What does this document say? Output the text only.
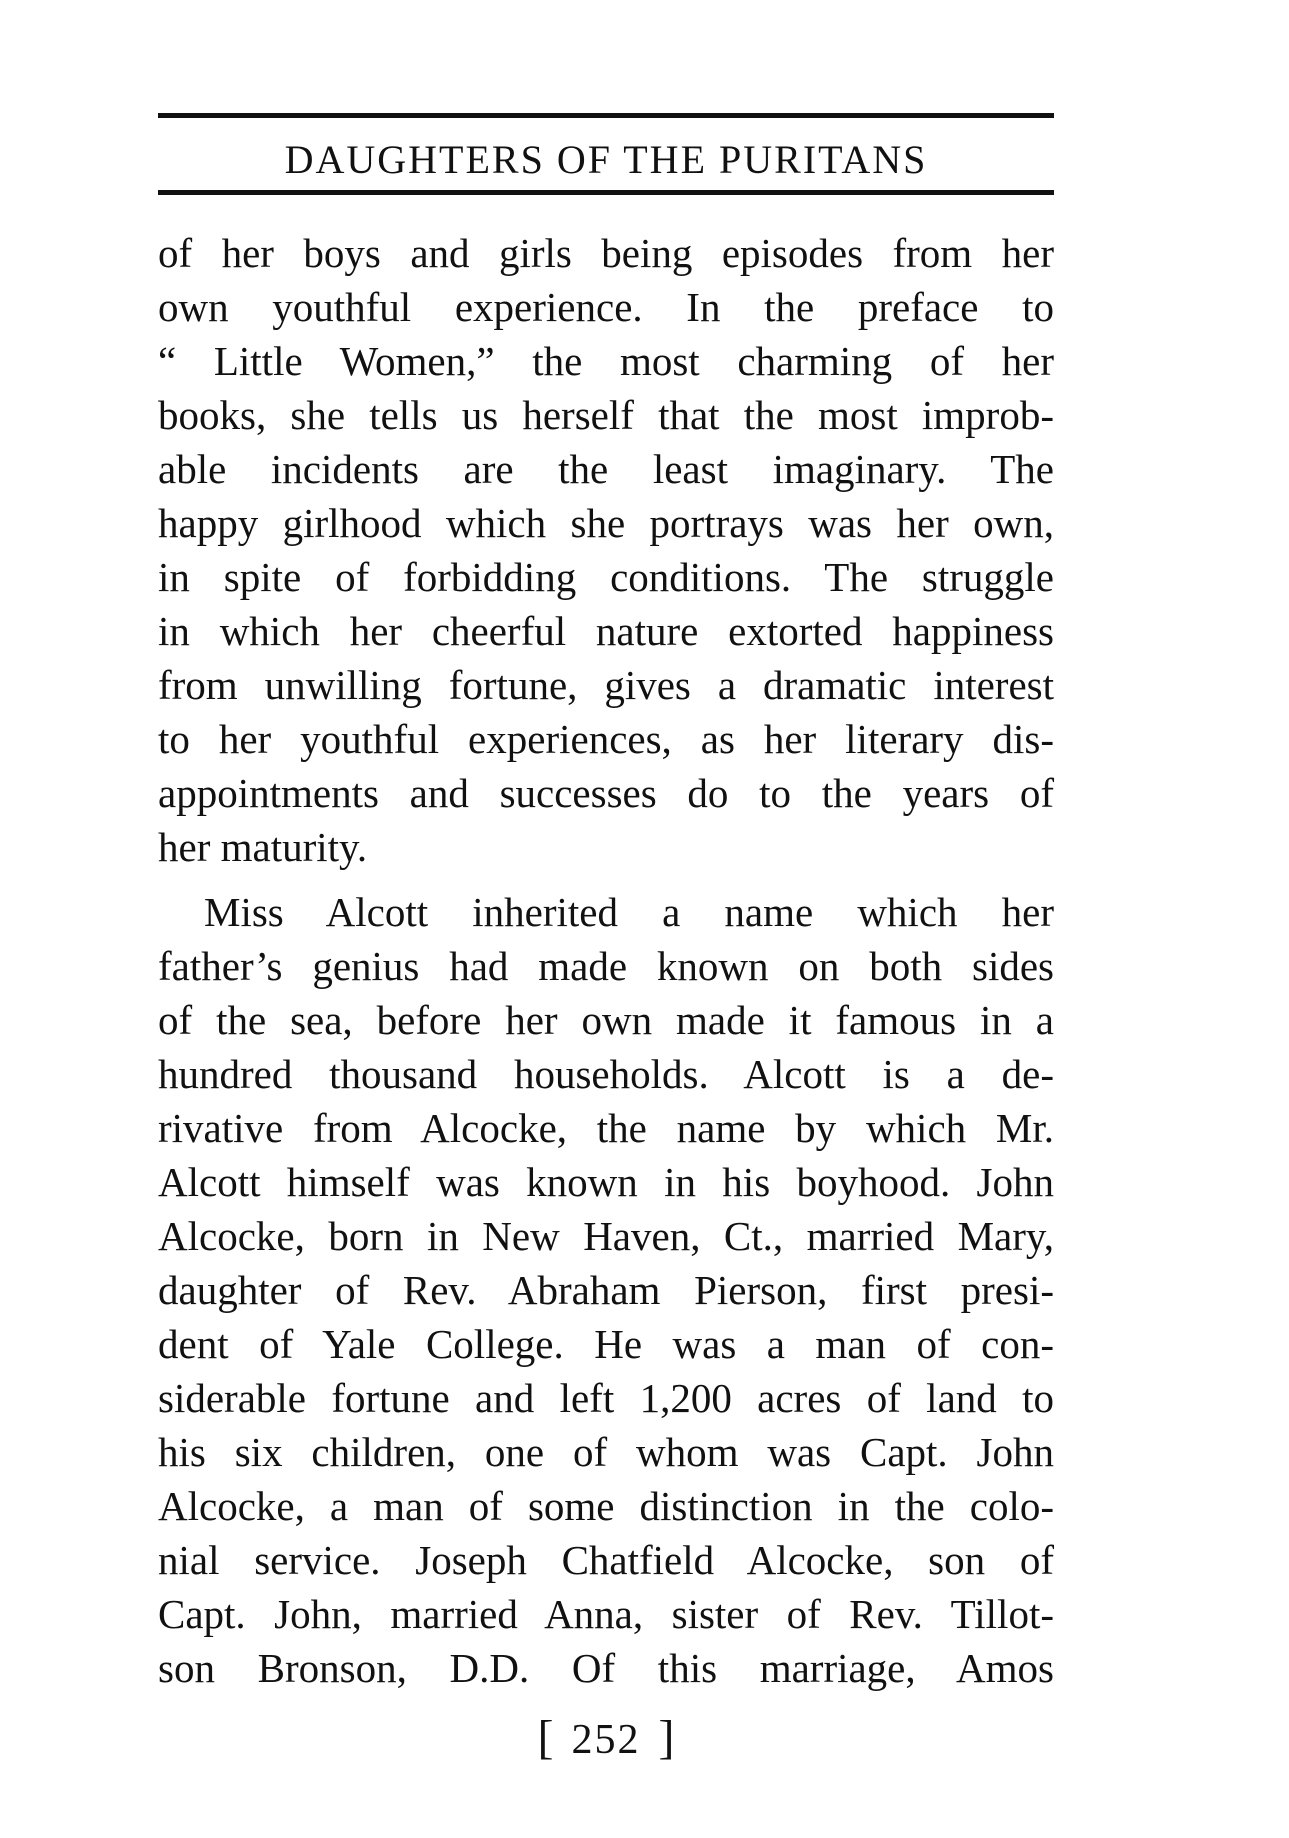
DAUGHTERS OF THE PURITANS
of her boys and girls being episodes from her
own youthful experience. In the preface to
“ Little Women,” the most charming of her
books, she tells us herself that the most improb-
able incidents are the least imaginary. The
happy girlhood which she portrays was her own,
in spite of forbidding conditions. The struggle
in which her cheerful nature extorted happiness
from unwilling fortune, gives a dramatic interest
to her youthful experiences, as her literary dis-
appointments and successes do to the years of
her maturity.
Miss Alcott inherited a name which her
father’s genius had made known on both sides
of the sea, before her own made it famous in a
hundred thousand households. Alcott is a de-
rivative from Alcocke, the name by which Mr.
Alcott himself was known in his boyhood. John
Alcocke, born in New Haven, Ct., married Mary,
daughter of Rev. Abraham Pierson, first presi-
dent of Yale College. He was a man of con-
siderable fortune and left 1,200 acres of land to
his six children, one of whom was Capt. John
Alcocke, a man of some distinction in the colo-
nial service. Joseph Chatfield Alcocke, son of
Capt. John, married Anna, sister of Rev. Tillot-
son Bronson, D.D. Of this marriage, Amos
[ 252 ]
